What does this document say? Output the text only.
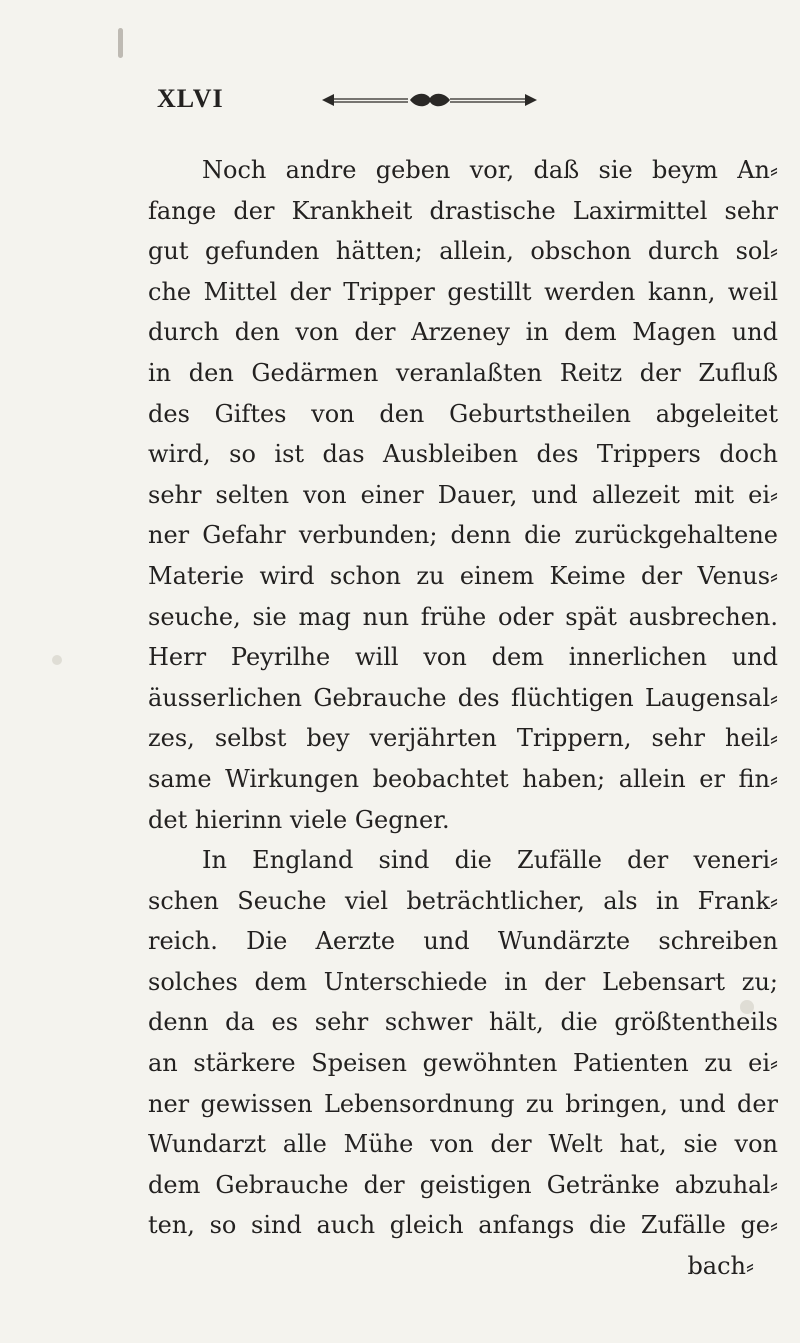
XLVI
Noch andre geben vor, daß sie beym An⸗
fange der Krankheit drastische Laxirmittel sehr
gut gefunden hätten; allein, obschon durch sol⸗
che Mittel der Tripper gestillt werden kann, weil
durch den von der Arzeney in dem Magen und
in den Gedärmen veranlaßten Reitz der Zufluß
des Giftes von den Geburtstheilen abgeleitet
wird, so ist das Ausbleiben des Trippers doch
sehr selten von einer Dauer, und allezeit mit ei⸗
ner Gefahr verbunden; denn die zurückgehaltene
Materie wird schon zu einem Keime der Venus⸗
seuche, sie mag nun frühe oder spät ausbrechen.
Herr Peyrilhe will von dem innerlichen und
äusserlichen Gebrauche des flüchtigen Laugensal⸗
zes, selbst bey verjährten Trippern, sehr heil⸗
same Wirkungen beobachtet haben; allein er fin⸗
det hierinn viele Gegner.
In England sind die Zufälle der veneri⸗
schen Seuche viel beträchtlicher, als in Frank⸗
reich. Die Aerzte und Wundärzte schreiben
solches dem Unterschiede in der Lebensart zu;
denn da es sehr schwer hält, die größtentheils
an stärkere Speisen gewöhnten Patienten zu ei⸗
ner gewissen Lebensordnung zu bringen, und der
Wundarzt alle Mühe von der Welt hat, sie von
dem Gebrauche der geistigen Getränke abzuhal⸗
ten, so sind auch gleich anfangs die Zufälle ge⸗
bach⸗
